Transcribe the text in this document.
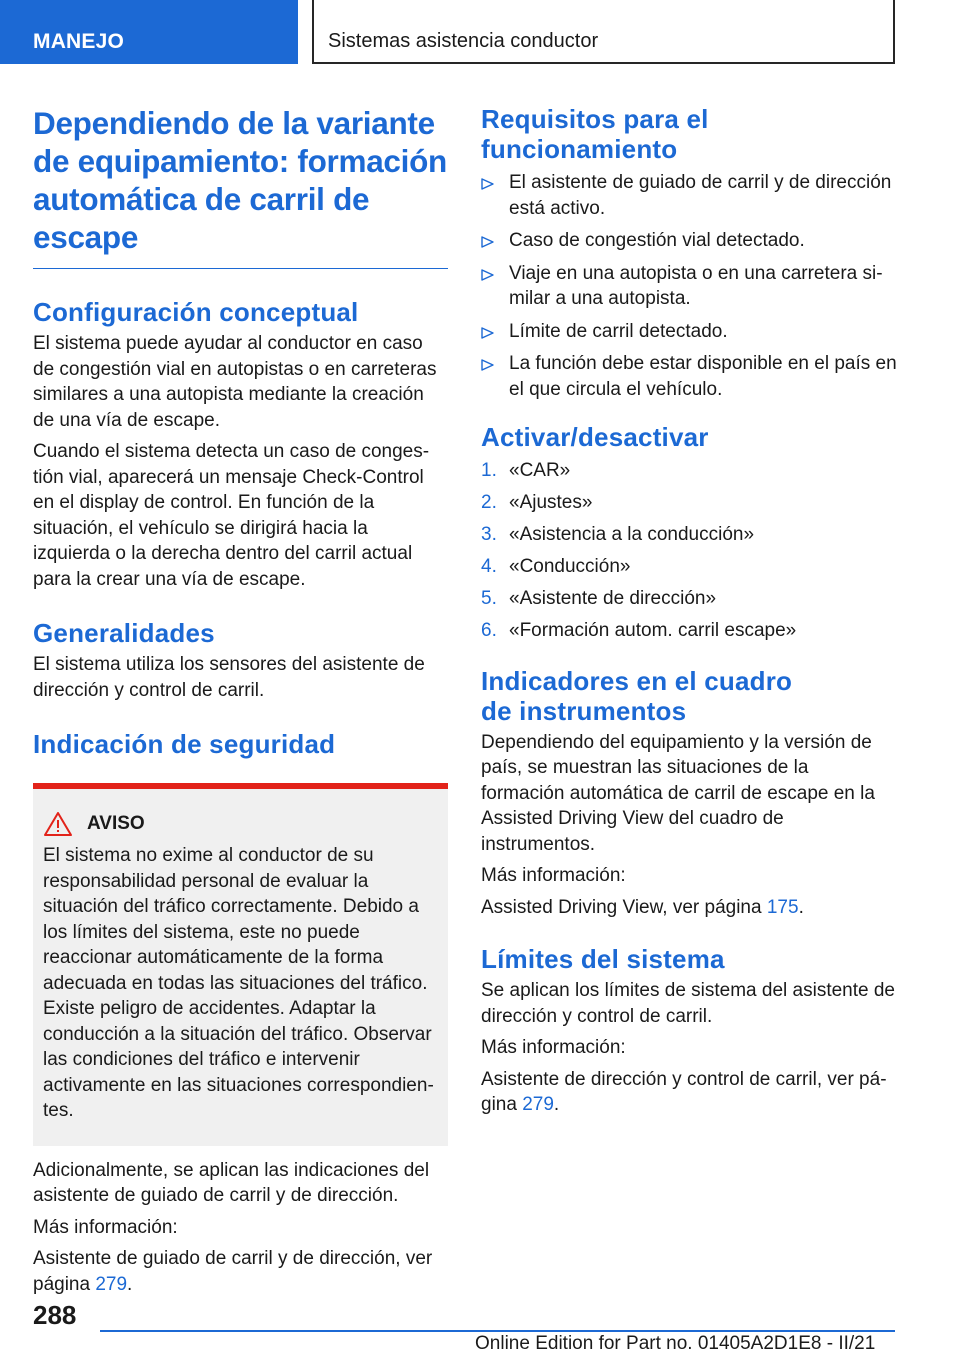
MANEJO	Sistemas asistencia conductor
Dependiendo de la variante de equipamiento: formación automática de carril de escape
Configuración conceptual

El sistema puede ayudar al conductor en caso de congestión vial en autopistas o en carreteras similares a una autopista mediante la creación de una vía de escape.

Cuando el sistema detecta un caso de congestión vial, aparecerá un mensaje Check-Control en el display de control. En función de la situación, el vehículo se dirigirá hacia la izquierda o la derecha dentro del carril actual para la crear una vía de escape.

Generalidades

El sistema utiliza los sensores del asistente de dirección y control de carril.

Indicación de seguridad
AVISO

El sistema no exime al conductor de su responsabilidad personal de evaluar la situación del tráfico correctamente. Debido a los límites del sistema, este no puede reaccionar automáticamente de la forma adecuada en todas las situaciones del tráfico. Existe peligro de accidentes. Adaptar la conducción a la situación del tráfico. Observar las condiciones del tráfico e intervenir activamente en las situaciones correspondientes.

Adicionalmente, se aplican las indicaciones del asistente de guiado de carril y de dirección.

Más información:

Asistente de guiado de carril y de dirección, ver página 279.

Requisitos para el funcionamiento
El asistente de guiado de carril y de dirección está activo.
Caso de congestión vial detectado.
Viaje en una autopista o en una carretera similar a una autopista.
Límite de carril detectado.
La función debe estar disponible en el país en el que circula el vehículo.
Activar/desactivar
1. «CAR»
2. «Ajustes»
3. «Asistencia a la conducción»
4. «Conducción»
5. «Asistente de dirección»
6. «Formación autom. carril escape»
Indicadores en el cuadro
de instrumentos

Dependiendo del equipamiento y la versión de país, se muestran las situaciones de la formación automática de carril de escape en la Assisted Driving View del cuadro de instrumentos.

Más información:

Assisted Driving View, ver página 175.

Límites del sistema

Se aplican los límites de sistema del asistente de dirección y control de carril.

Más información:

Asistente de dirección y control de carril, ver página 279.

288
Online Edition for Part no. 01405A2D1E8 - II/21
